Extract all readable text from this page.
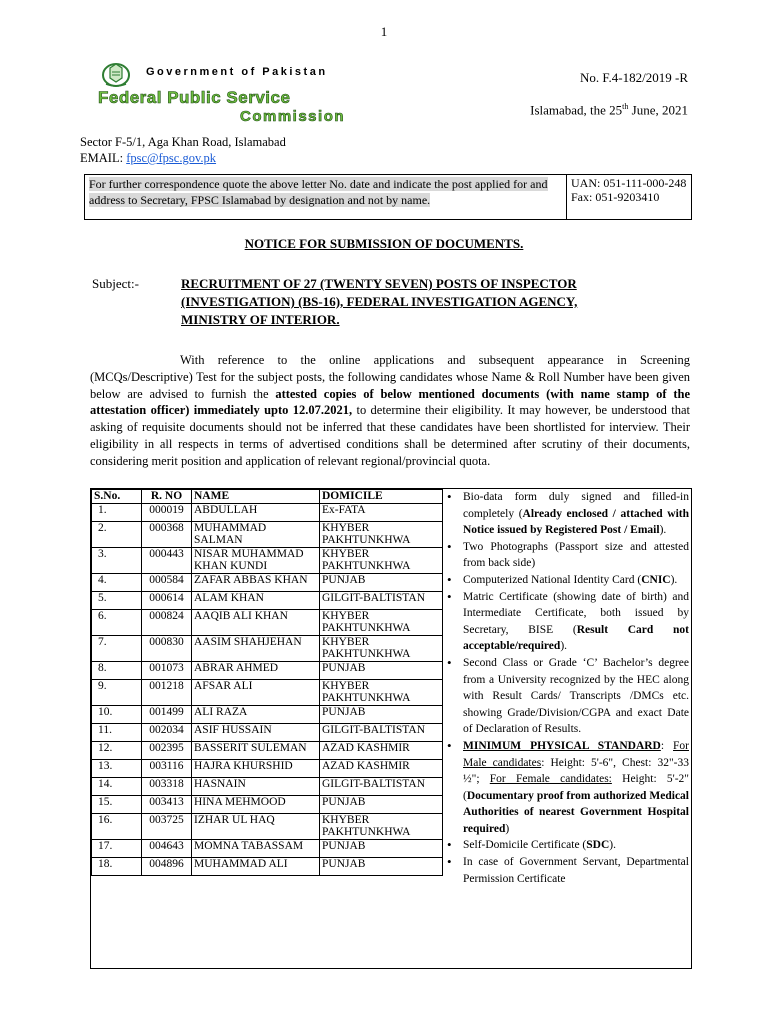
1
Government of Pakistan
Federal Public Service
Commission
No. F.4-182/2019 -R
Islamabad, the 25th June, 2021
Sector F-5/1, Aga Khan Road, Islamabad
EMAIL: fpsc@fpsc.gov.pk
For further correspondence quote the above letter No. date and indicate the post applied for and address to Secretary, FPSC Islamabad by designation and not by name.
UAN: 051-111-000-248
Fax: 051-9203410
NOTICE FOR SUBMISSION OF DOCUMENTS.
Subject:-	RECRUITMENT OF 27 (TWENTY SEVEN) POSTS OF INSPECTOR (INVESTIGATION) (BS-16), FEDERAL INVESTIGATION AGENCY, MINISTRY OF INTERIOR.
With reference to the online applications and subsequent appearance in Screening (MCQs/Descriptive) Test for the subject posts, the following candidates whose Name & Roll Number have been given below are advised to furnish the attested copies of below mentioned documents (with name stamp of the attestation officer) immediately upto 12.07.2021, to determine their eligibility. It may however, be understood that asking of requisite documents should not be inferred that these candidates have been shortlisted for interview. Their eligibility in all respects in terms of advertised conditions shall be determined after scrutiny of their documents, considering merit position and application of relevant regional/provincial quota.
S.No.	R. NO	NAME	DOMICILE
1.	000019	ABDULLAH	Ex-FATA
2.	000368	MUHAMMAD SALMAN	KHYBER PAKHTUNKHWA
3.	000443	NISAR MUHAMMAD KHAN KUNDI	KHYBER PAKHTUNKHWA
4.	000584	ZAFAR ABBAS KHAN	PUNJAB
5.	000614	ALAM KHAN	GILGIT-BALTISTAN
6.	000824	AAQIB ALI KHAN	KHYBER PAKHTUNKHWA
7.	000830	AASIM SHAHJEHAN	KHYBER PAKHTUNKHWA
8.	001073	ABRAR AHMED	PUNJAB
9.	001218	AFSAR ALI	KHYBER PAKHTUNKHWA
10.	001499	ALI RAZA	PUNJAB
11.	002034	ASIF HUSSAIN	GILGIT-BALTISTAN
12.	002395	BASSERIT SULEMAN	AZAD KASHMIR
13.	003116	HAJRA KHURSHID	AZAD KASHMIR
14.	003318	HASNAIN	GILGIT-BALTISTAN
15.	003413	HINA MEHMOOD	PUNJAB
16.	003725	IZHAR UL HAQ	KHYBER PAKHTUNKHWA
17.	004643	MOMNA TABASSAM	PUNJAB
18.	004896	MUHAMMAD ALI	PUNJAB
• Bio-data form duly signed and filled-in completely (Already enclosed / attached with Notice issued by Registered Post / Email).
• Two Photographs (Passport size and attested from back side)
• Computerized National Identity Card (CNIC).
• Matric Certificate (showing date of birth) and Intermediate Certificate, both issued by Secretary, BISE (Result Card not acceptable/required).
• Second Class or Grade ‘C’ Bachelor’s degree from a University recognized by the HEC along with Result Cards/ Transcripts /DMCs etc. showing Grade/Division/CGPA and exact Date of Declaration of Results.
• MINIMUM PHYSICAL STANDARD: For Male candidates: Height: 5'-6", Chest: 32"-33 ½"; For Female candidates: Height: 5'-2" (Documentary proof from authorized Medical Authorities of nearest Government Hospital required)
• Self-Domicile Certificate (SDC).
• In case of Government Servant, Departmental Permission Certificate
